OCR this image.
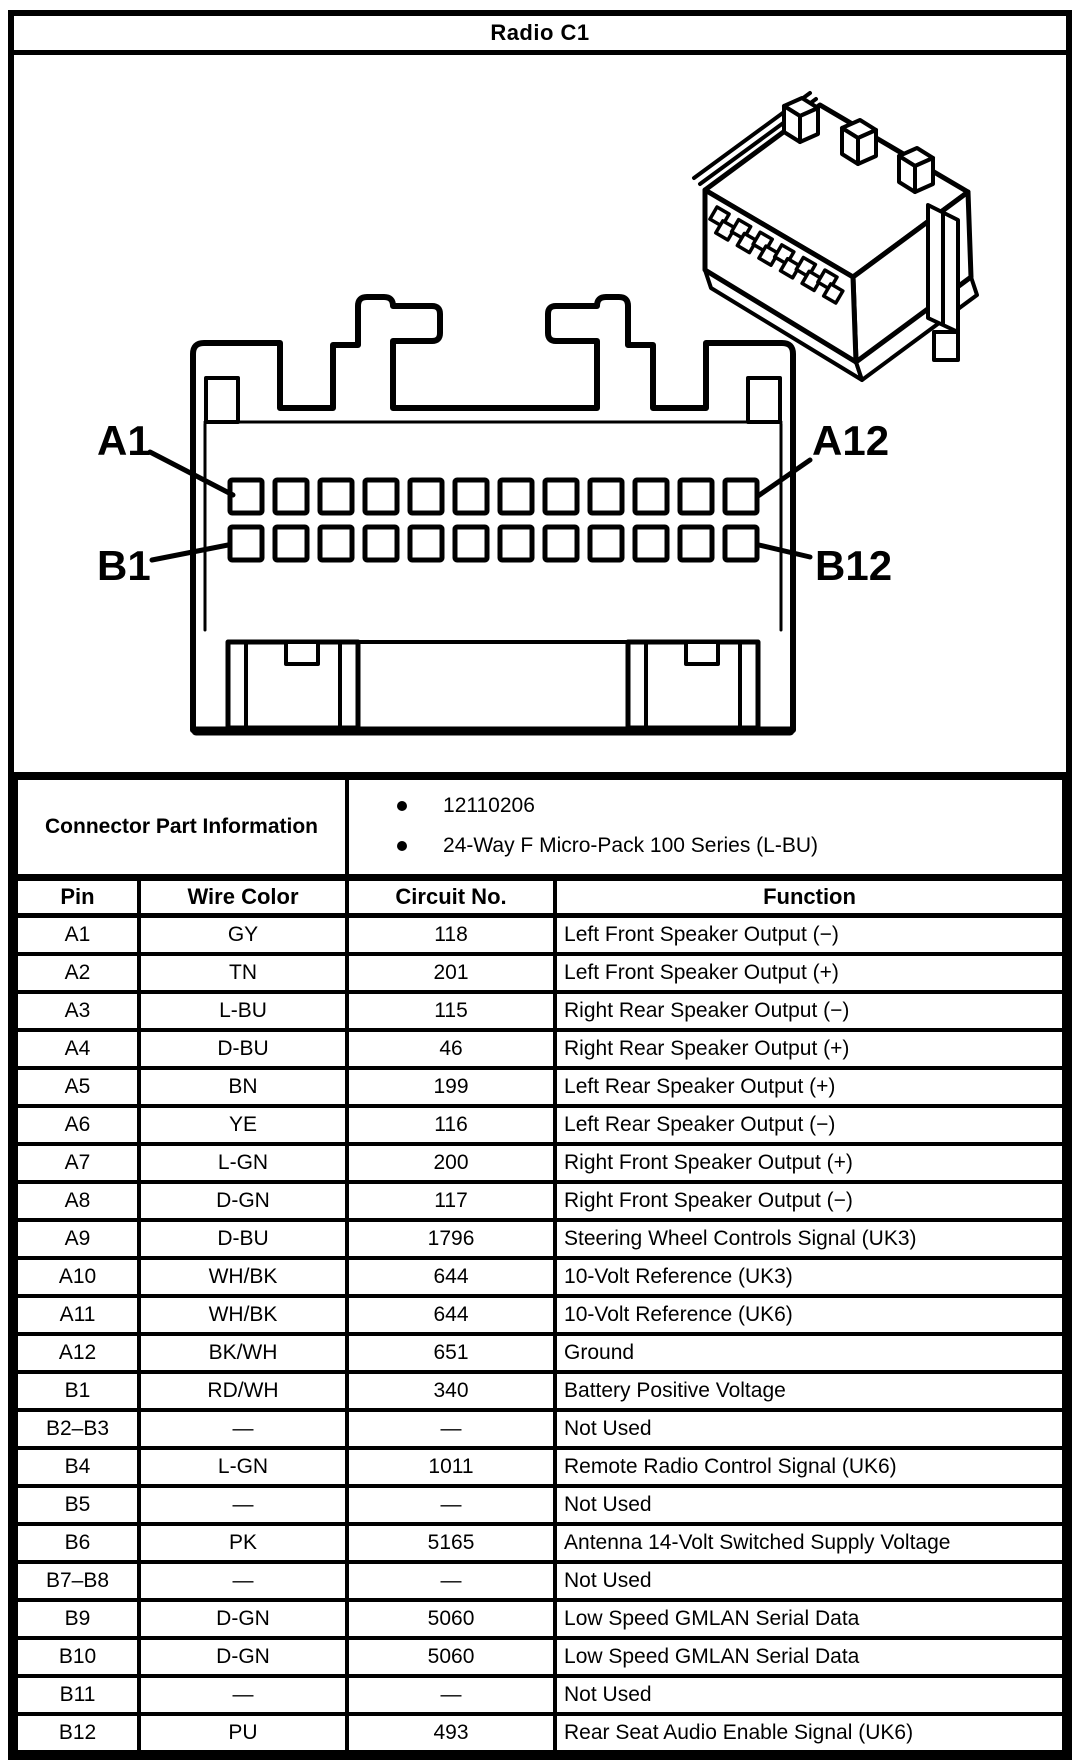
Radio C1
A1
B1
A12
B12
Connector Part Information	
12110206
24-Way F Micro-Pack 100 Series (L-BU)

Pin	Wire Color	Circuit No.	Function
A1	GY	118	Left Front Speaker Output (−)
A2	TN	201	Left Front Speaker Output (+)
A3	L-BU	115	Right Rear Speaker Output (−)
A4	D-BU	46	Right Rear Speaker Output (+)
A5	BN	199	Left Rear Speaker Output (+)
A6	YE	116	Left Rear Speaker Output (−)
A7	L-GN	200	Right Front Speaker Output (+)
A8	D-GN	117	Right Front Speaker Output (−)
A9	D-BU	1796	Steering Wheel Controls Signal (UK3)
A10	WH/BK	644	10-Volt Reference (UK3)
A11	WH/BK	644	10-Volt Reference (UK6)
A12	BK/WH	651	Ground
B1	RD/WH	340	Battery Positive Voltage
B2–B3	—	—	Not Used
B4	L-GN	1011	Remote Radio Control Signal (UK6)
B5	—	—	Not Used
B6	PK	5165	Antenna 14-Volt Switched Supply Voltage
B7–B8	—	—	Not Used
B9	D-GN	5060	Low Speed GMLAN Serial Data
B10	D-GN	5060	Low Speed GMLAN Serial Data
B11	—	—	Not Used
B12	PU	493	Rear Seat Audio Enable Signal (UK6)
